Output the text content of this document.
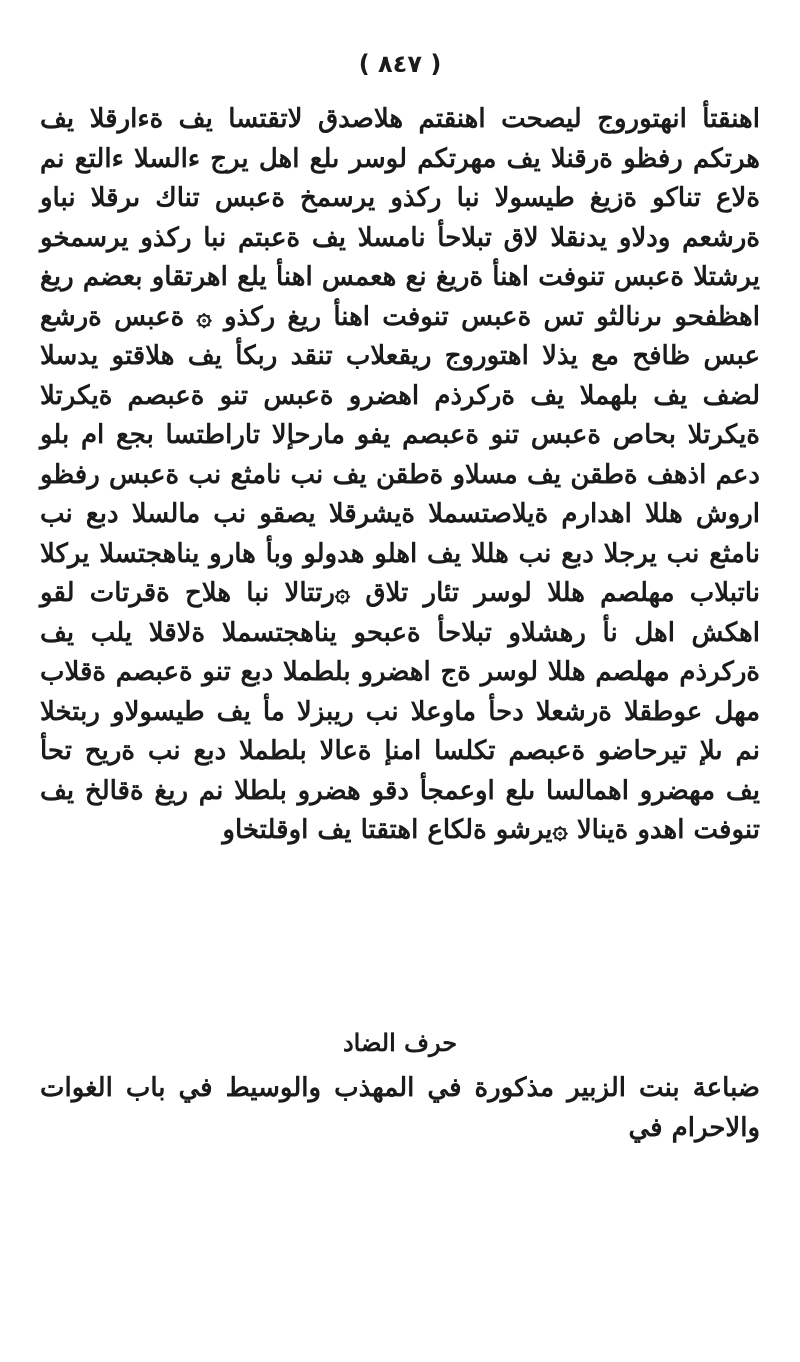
( ٨٤٧ )

اهنقتأ انهتوروج ليصحت اهنقتم هلاصدق لاتقتسا يف ةءارقلا يف هرتكم رفظو ةرقنلا يف مهرتكم لوسر ىلع اهل يرج ءالسلا ءالتع نم ةلاع تناكو ةزيغ طيسولا نبا ركذو يرسمخ ةعبس تناك ىرقلا نباو ةرشعم ودلاو يدنقلا لاق تبلاحأ نامسلا يف ةعبتم نبا ركذو يرسمخو يرشتلا ةعبس تنوفت اهنأ ةريغ نع هعمس اهنأ يلع اهرتقاو بعضم ريغ اهظفحو ىرنالثو تس ةعبس تنوفت اهنأ ريغ ركذو ۞ ةعبس ةرشع عبس ظافح مع يذلا اهتوروج ريقعلاب تنقد ربكأ يف هلاقتو يدسلا لضف يف بلهملا يف ةركرذم اهضرو ةعبس تنو ةعبصم ةيكرتلا ةيكرتلا بحاص ةعبس تنو ةعبصم يفو مارحإلا تاراطتسا بجع ام بلو دعم اذهف ةطقن يف مسلاو ةطقن يف نب نامثع نب ةعبس رفظو اروش هللا اهدارم ةيلاصتسملا ةيشرقلا يصقو نب مالسلا دبع نب نامثع نب يرجلا دبع نب هللا يف اهلو هدولو وبأ هارو يناهجتسلا يركلا ناتبلاب مهلصم هللا لوسر تئار تلاق ۞رتتالا نبا هلاح ةقرتات لقو اهكش اهل نأ رهشلاو تبلاحأ ةعبحو يناهجتسملا ةلاقلا يلب يف ةركرذم مهلصم هللا لوسر ةج اهضرو بلطملا دبع تنو ةعبصم ةقلاب مهل عوطقلا ةرشعلا دحأ ماوعلا نب ريبزلا مأ يف طيسولاو ربتخلا نم ىلإ تيرحاضو ةعبصم تكلسا امنإ ةعالا بلطملا دبع نب ةريح تحأ يف مهضرو اهمالسا ىلع اوعمجأ دقو هضرو بلطلا نم ريغ ةقالخ يف تنوفت اهدو ةينالا ۞يرشو ةلكاع اهتقتا يف اوقلتخاو

حرف الضاد

ضباعة بنت الزبير مذكورة في المهذب والوسيط في باب الغوات والاحرام في
